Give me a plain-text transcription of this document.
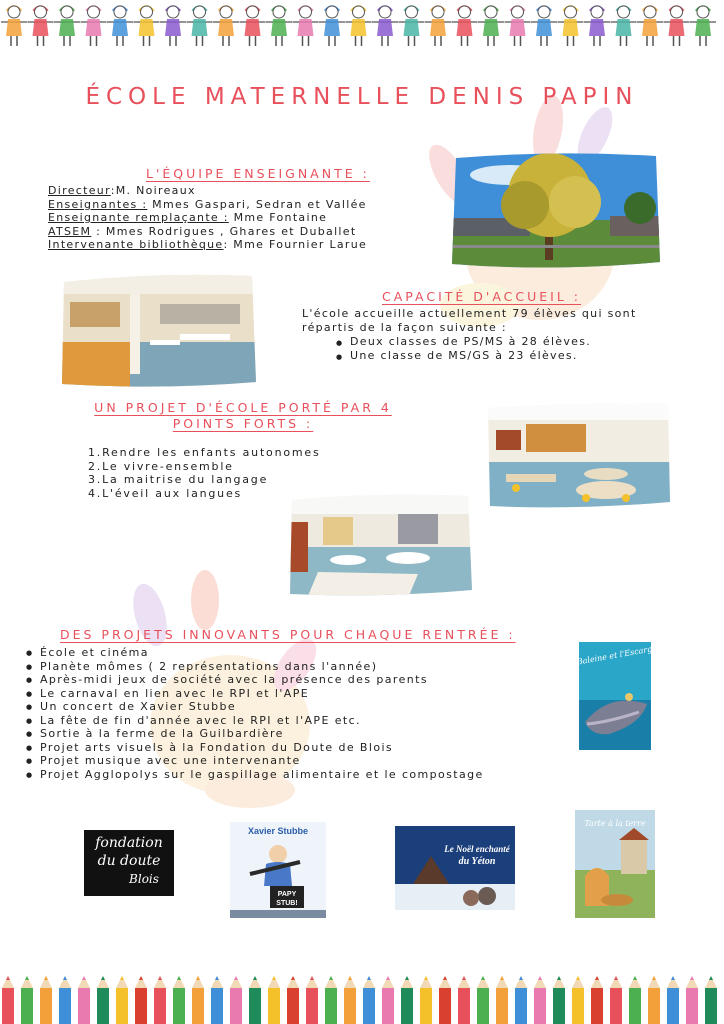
ÉCOLE MATERNELLE DENIS PAPIN
L'ÉQUIPE ENSEIGNANTE :
Directeur:M. Noireaux
Enseignantes : Mmes Gaspari, Sedran et Vallée
Enseignante remplaçante : Mme Fontaine
ATSEM : Mmes Rodrigues , Ghares et Duballet
Intervenante bibliothèque: Mme Fournier Larue
CAPACITÉ D'ACCUEIL :
L'école accueille actuellement 79 élèves qui sont répartis de la façon suivante :
● Deux classes de PS/MS à 28 élèves.
● Une classe de MS/GS à 23 élèves.
UN PROJET D'ÉCOLE PORTÉ PAR 4
POINTS FORTS :
1.Rendre les enfants autonomes
2.Le vivre-ensemble
3.La maitrise du langage
4.L'éveil aux langues
DES PROJETS INNOVANTS POUR CHAQUE RENTRÉE :
● École et cinéma
● Planète mômes ( 2 représentations dans l'année)
● Après-midi jeux de société avec la présence des parents
● Le carnaval en lien avec le RPI et l'APE
● Un concert de Xavier Stubbe
● La fête de fin d'année avec le RPI et l'APE etc.
● Sortie à la ferme de la Guilbardière
● Projet arts visuels à la Fondation du Doute de Blois
● Projet musique avec une intervenante
● Projet Agglopolys sur le gaspillage alimentaire et le compostage
La Baleine et l'Escargote
fondation
du doute
Blois
Xavier Stubbe
PAPY
STUB!
Le Noël enchanté
du Yéton
Tarte à la terre
